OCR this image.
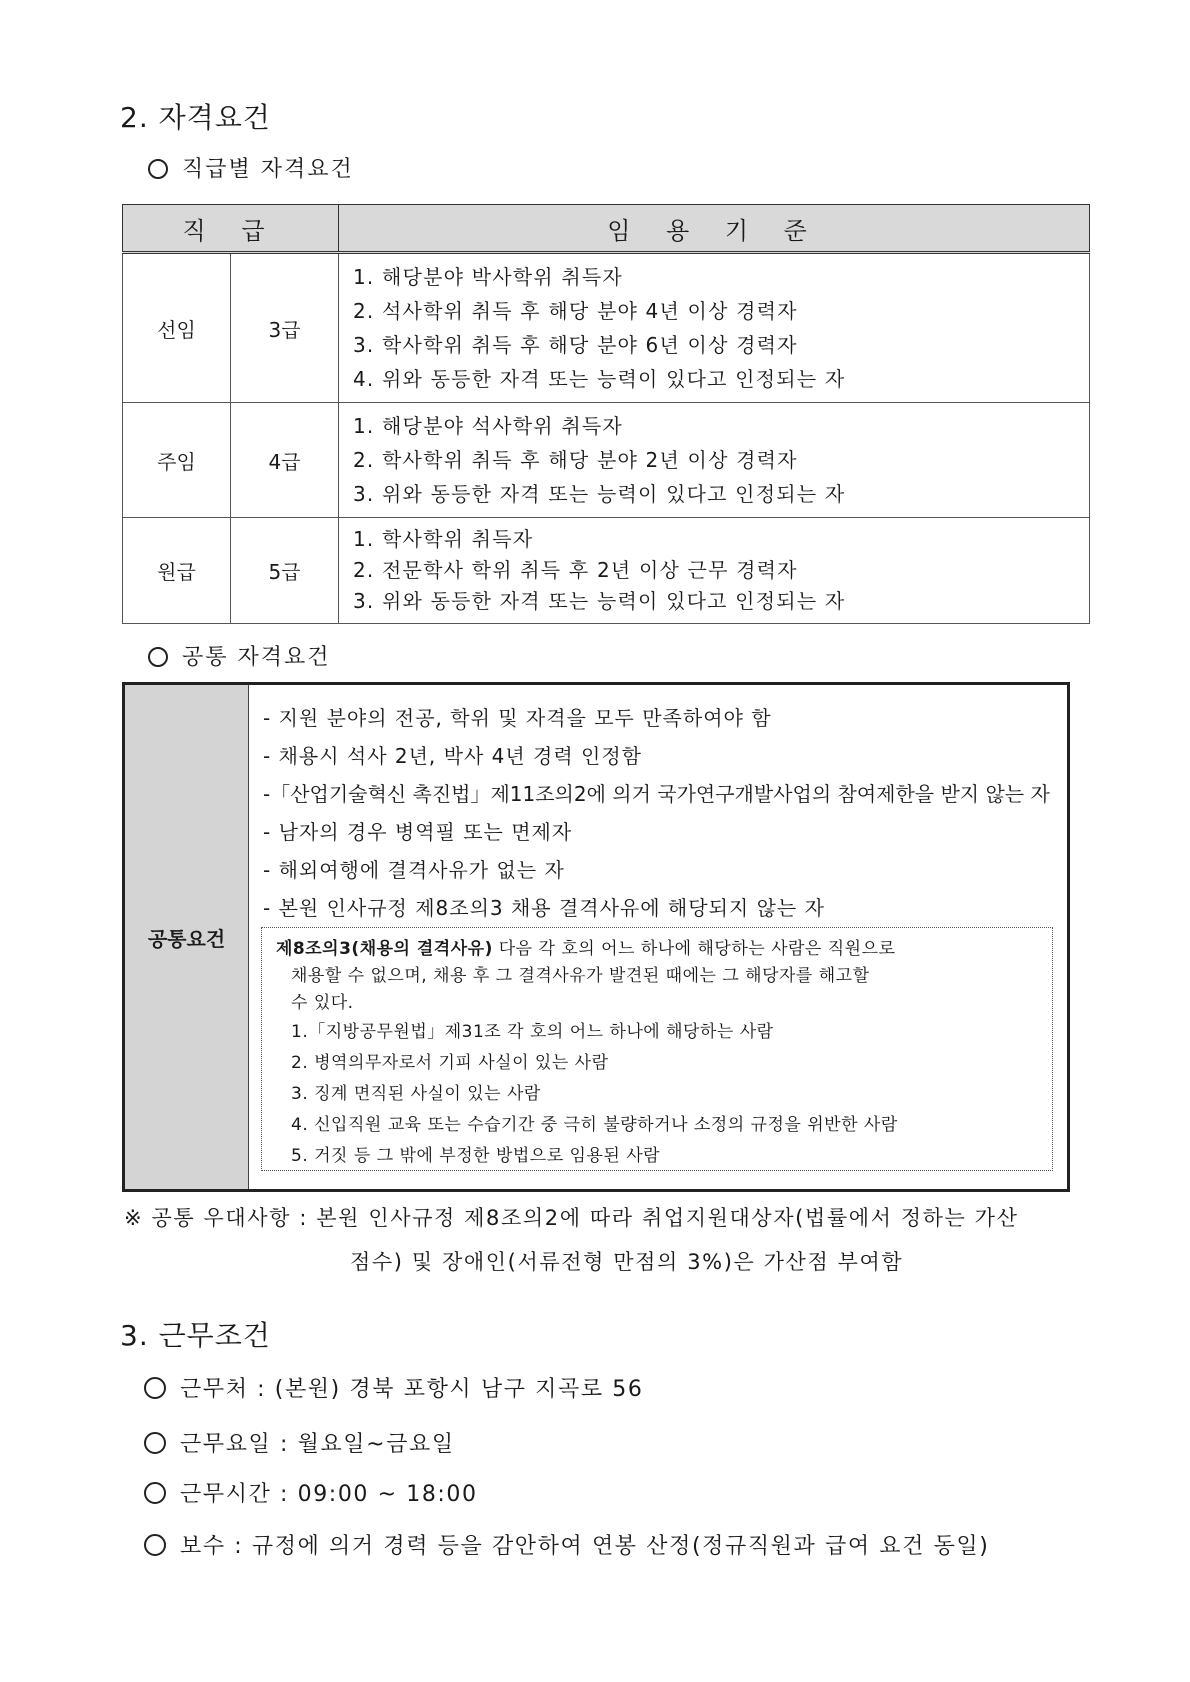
2. 자격요건
직급별 자격요건
직 급		임 용 기 준
선임	3급	1. 해당분야 박사학위 취득자
2. 석사학위 취득 후 해당 분야 4년 이상 경력자
3. 학사학위 취득 후 해당 분야 6년 이상 경력자
4. 위와 동등한 자격 또는 능력이 있다고 인정되는 자

주임	4급	1. 해당분야 석사학위 취득자
2. 학사학위 취득 후 해당 분야 2년 이상 경력자
3. 위와 동등한 자격 또는 능력이 있다고 인정되는 자

원급	5급	1. 학사학위 취득자
2. 전문학사 학위 취득 후 2년 이상 근무 경력자
3. 위와 동등한 자격 또는 능력이 있다고 인정되는 자
공통 자격요건
공통요건
- 지원 분야의 전공, 학위 및 자격을 모두 만족하여야 함
- 채용시 석사 2년, 박사 4년 경력 인정함
-「산업기술혁신 촉진법」제11조의2에 의거 국가연구개발사업의 참여제한을 받지 않는 자
- 남자의 경우 병역필 또는 면제자
- 해외여행에 결격사유가 없는 자
- 본원 인사규정 제8조의3 채용 결격사유에 해당되지 않는 자
제8조의3(채용의 결격사유) 다음 각 호의 어느 하나에 해당하는 사람은 직원으로
채용할 수 없으며, 채용 후 그 결격사유가 발견된 때에는 그 해당자를 해고할
수 있다.
1.「지방공무원법」제31조 각 호의 어느 하나에 해당하는 사람
2. 병역의무자로서 기피 사실이 있는 사람
3. 징계 면직된 사실이 있는 사람
4. 신입직원 교육 또는 수습기간 중 극히 불량하거나 소정의 규정을 위반한 사람
5. 거짓 등 그 밖에 부정한 방법으로 임용된 사람
※ 공통 우대사항 : 본원 인사규정 제8조의2에 따라 취업지원대상자(법률에서 정하는 가산
점수) 및 장애인(서류전형 만점의 3%)은 가산점 부여함
3. 근무조건
근무처 : (본원) 경북 포항시 남구 지곡로 56
근무요일 : 월요일~금요일
근무시간 : 09:00 ~ 18:00
보수 : 규정에 의거 경력 등을 감안하여 연봉 산정(정규직원과 급여 요건 동일)
